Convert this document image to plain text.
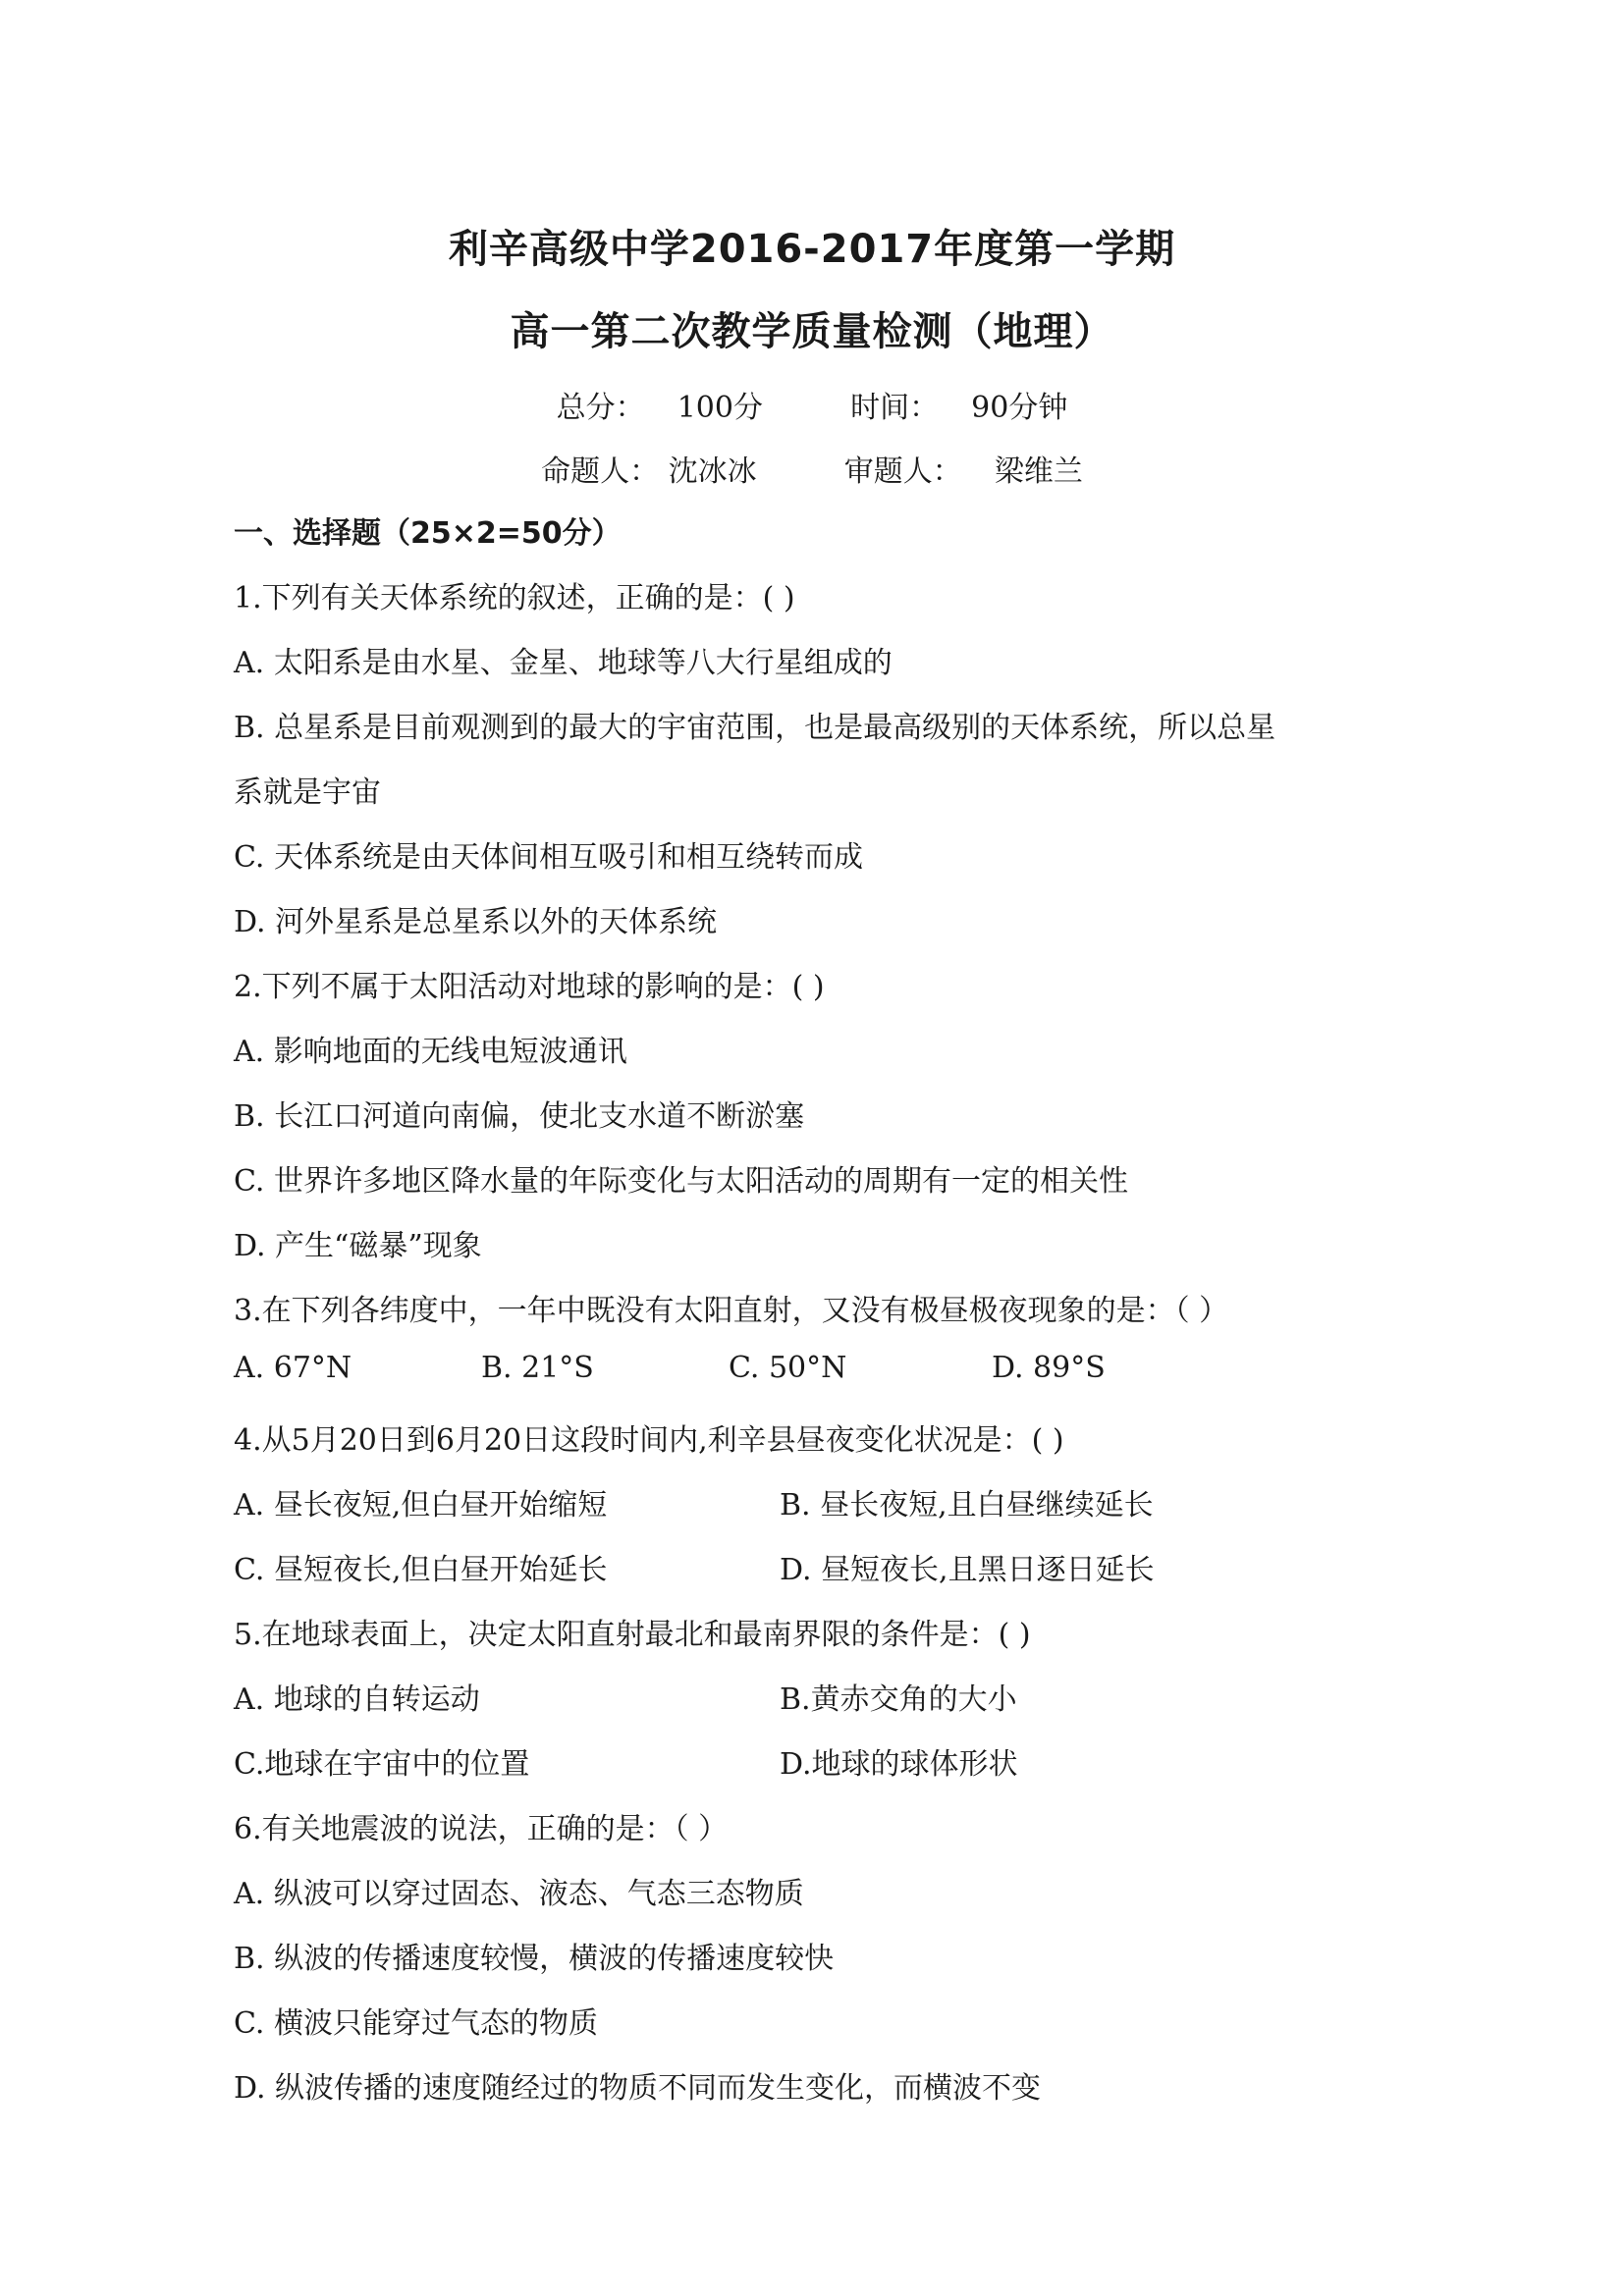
利辛高级中学2016-2017年度第一学期
高一第二次教学质量检测（地理）
总分： 100分	时间： 90分钟
命题人： 沈冰冰	审题人： 梁维兰
一、选择题（25×2=50分）
1.下列有关天体系统的叙述，正确的是：( )
A. 太阳系是由水星、金星、地球等八大行星组成的
B. 总星系是目前观测到的最大的宇宙范围，也是最高级别的天体系统，所以总星
系就是宇宙
C. 天体系统是由天体间相互吸引和相互绕转而成
D. 河外星系是总星系以外的天体系统
2.下列不属于太阳活动对地球的影响的是：( )
A. 影响地面的无线电短波通讯
B. 长江口河道向南偏，使北支水道不断淤塞
C. 世界许多地区降水量的年际变化与太阳活动的周期有一定的相关性
D. 产生“磁暴”现象
3.在下列各纬度中，一年中既没有太阳直射，又没有极昼极夜现象的是：（ ）
A. 67°N	B. 21°S	C. 50°N	D. 89°S
4.从5月20日到6月20日这段时间内,利辛县昼夜变化状况是：( )
A. 昼长夜短,但白昼开始缩短	B. 昼长夜短,且白昼继续延长
C. 昼短夜长,但白昼开始延长	D. 昼短夜长,且黑日逐日延长
5.在地球表面上，决定太阳直射最北和最南界限的条件是：( )
A. 地球的自转运动	B.黄赤交角的大小
C.地球在宇宙中的位置	D.地球的球体形状
6.有关地震波的说法，正确的是：（ ）
A. 纵波可以穿过固态、液态、气态三态物质
B. 纵波的传播速度较慢，横波的传播速度较快
C. 横波只能穿过气态的物质
D. 纵波传播的速度随经过的物质不同而发生变化，而横波不变
